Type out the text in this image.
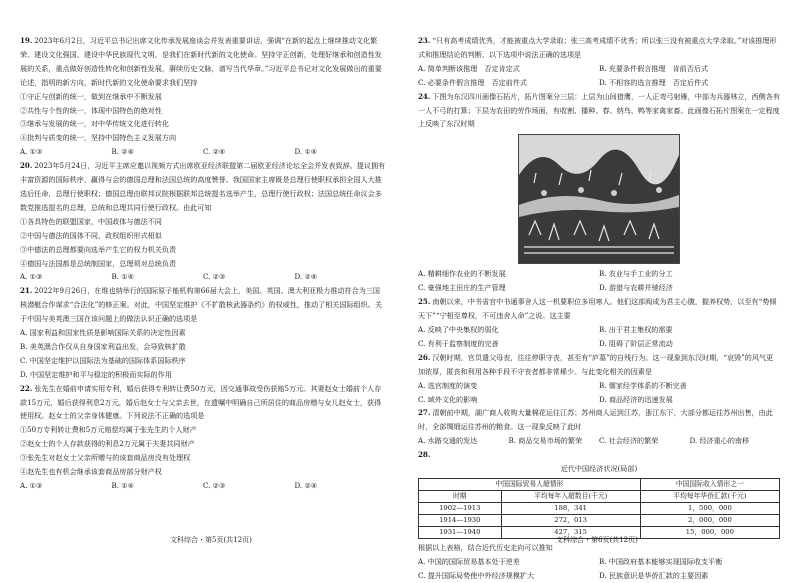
19. 2023年6月2日，习近平总书记出席文化传承发展座谈会并发表重要讲话，强调“在新的起点上继续推动文化繁荣、建设文化强国、建设中华民族现代文明，是我们在新时代新的文化使命。坚持守正创新，处理好继承和创造性发展的关系，重点做好创造性转化和创新性发展，赓续历史文脉，谱写当代华章。”习近平总书记对文化发展做出的重要论述，指明的新方向，新时代新的文化使命要求我们坚持
①守正与创新的统一，做到在继承中不断发展
②共性与个性的统一，体现中国特色的绝对性
③继承与发展的统一，对中华传统文化进行转化
④批判与质变的统一，坚持中国特色主义发展方向
A. ①③	B. ②④	C. ②④	D. ①④
20. 2023年5月24日，习近平主席应邀以视频方式出席欧亚经济联盟第二届欧亚经济论坛全会并发表致辞。提议拥有丰富资源的国际秩序，赢得与会的德国总理和法国总统的高度赞誉。我国国家主席既是总理行使职权承担全国人大推选后任命，总理行使职权；德国总理由联邦议院根据联邦总统提名选举产生，总理行使行政权；法国总统任命议会多数党推选提名的总理，总统和总理共同行使行政权。由此可知
①各具特色的联盟国家，中国政体与德法不同
②中国与德法的国体不同，政权组织形式相似
③中德法的总理都要向选举产生它的权力机关负责
④德国与法国都是总统制国家，总理须对总统负责
A. ①③	B. ①④	C. ②③	D. ②④
21. 2022年9月26日，在维也纳举行的国际原子能机构第66届大会上，美国、英国、澳大利亚极力推动符合为三国核潜艇合作谋求“合法化”的修正案。对此，中国坚定维护《不扩散核武器条约》的权威性，推动了相关国际组织。关于中国与美英澳三国在该问题上的做法认识正确的选项是
A. 国家利益和国家性质是影响国际关系的决定性因素
B. 美英澳合作仅从自身国家利益出发，会导致核扩散
C. 中国坚定维护以国际法为基础的国际体系国际秩序
D. 中国坚定维护和平与稳定的积极而实际的作用
22. 张先生在婚前申请实用专利，婚后获得专利转让费50万元，因交通事故受伤获赔5万元。其妻赵女士婚前个人存款15万元，婚后获得利息2万元，婚后赵女士与父亲去世，在遗嘱中明确自己所居住的商品房赠与女儿赵女士，获得使用权。赵女士的父亲身体健康。下列说法不正确的选项是
①50万专利转让费和5万元赔偿均属于张先生的个人财产
②赵女士的个人存款获得的利息2万元属于夫妻共同财产
③张先生对赵女士父亲所赠与的该套商品房没有处理权
④赵先生也有机会继承该套商品房部分财产权
A. ①③	B. ①④	C. ②③	D. ②④
23. “只有高考成绩优秀，才能被重点大学录取；张三高考成绩不优秀；所以张三没有被重点大学录取。”对该推理形式和推理结论的判断，以下选项中说法正确的选项是
A. 简单判断该推理　否定肯定式	B. 充要条件假言推理　肯前否后式
C. 必要条件假言推理　否定前件式	D. 不相容的选言推理　否定后件式
24. 下图为东汉四川画像石拓片，拓片图案分三层：上层为山间猎鹰，一人正弯弓射雁，中部为兵器林立，西侧各有一人不弓的打算；下层为农田的劳作场面，有收割、播种、舂、纳鸟、鸭等家禽家畜。此画像石拓片图案在一定程度上反映了东汉时期
A. 精耕细作农业的不断发展	B. 农业与手工业的分工
C. 豪强地主田庄的生产管理	D. 游猎与农耕并驰经济
25. 南朝以来，中书省官中书通事舍人这一机要职位多用寒人。他们这部阀成为君主心腹，握养权势，以至有“势倾天下”“宁相至尊权，不可违舍人命”之说。这主要
A. 反映了中央集权的弱化	B. 出于君主集权的需要
C. 有利于监察制度的完善	D. 阻碍了阶层正常流动
26. 汉朝时期，官员遣父母丧，往往停职守丧，甚至有“庐墓”的自残行为。这一现象到东汉时期，“哀毁”的风气更加浓厚，匿丧和利用各种手段不守丧者都非常稀少。与此变化相关的因素是
A. 选官制度的演变	B. 儒家经学体系的不断完善
C. 域外文化的影响	D. 商品经济的迅速发展
27. 清朝前中期，湖广商人收购大量棉花运往江苏；苏州商人运到江苏，浙江东下，大部分都运往苏州出售，由此时，全部绸缎运往苏州的粮食。这一现象反映了此时
A. 水路交通的发达	B. 商品交易市场的繁荣	C. 社会经济的繁荣	D. 经济重心的南移
28.
近代中国经济状况(局部)
中国国际贸易人超情形		中国国际收入情形之一
时期	平均每年入超数目(千元)	平均每年华侨汇款(千元)
1902—1913	188，341	1，500，000
1914—1930	272，013	2，000，000
1931—1940	427，315	15，000，000
根据以上表格，结合近代历史走向可以推知
A. 中国的国际贸易基本处于逆差	B. 中国政府基本能够实现国际收支平衡
C. 提升国际局势使中外经济规模扩大	D. 民族意识是华侨汇款的主要因素
文科综合・第5页(共12页)	文科综合・第6页(共12页)
